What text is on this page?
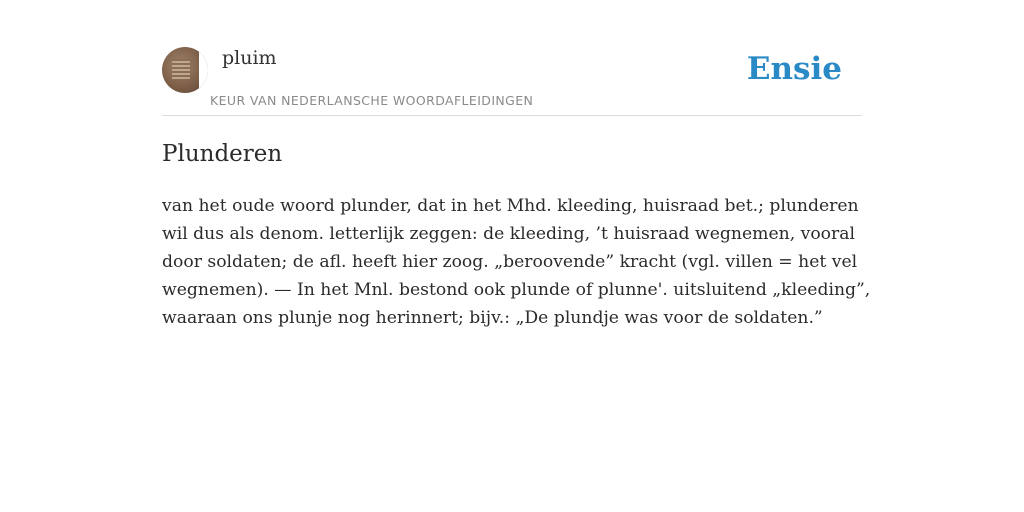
pluim
KEUR VAN NEDERLANSCHE WOORDAFLEIDINGEN
Ensie
Plunderen

van het oude woord plunder, dat in het Mhd. kleeding, huisraad bet.; plunderen wil dus als denom. letterlijk zeggen: de kleeding, ’t huisraad wegnemen, vooral door soldaten; de afl. heeft hier zoog. „beroovende” kracht (vgl. villen = het vel wegnemen). — In het Mnl. bestond ook plunde of plunne'. uitsluitend „kleeding”, waaraan ons plunje nog herinnert; bijv.: „De plundje was voor de soldaten.”
